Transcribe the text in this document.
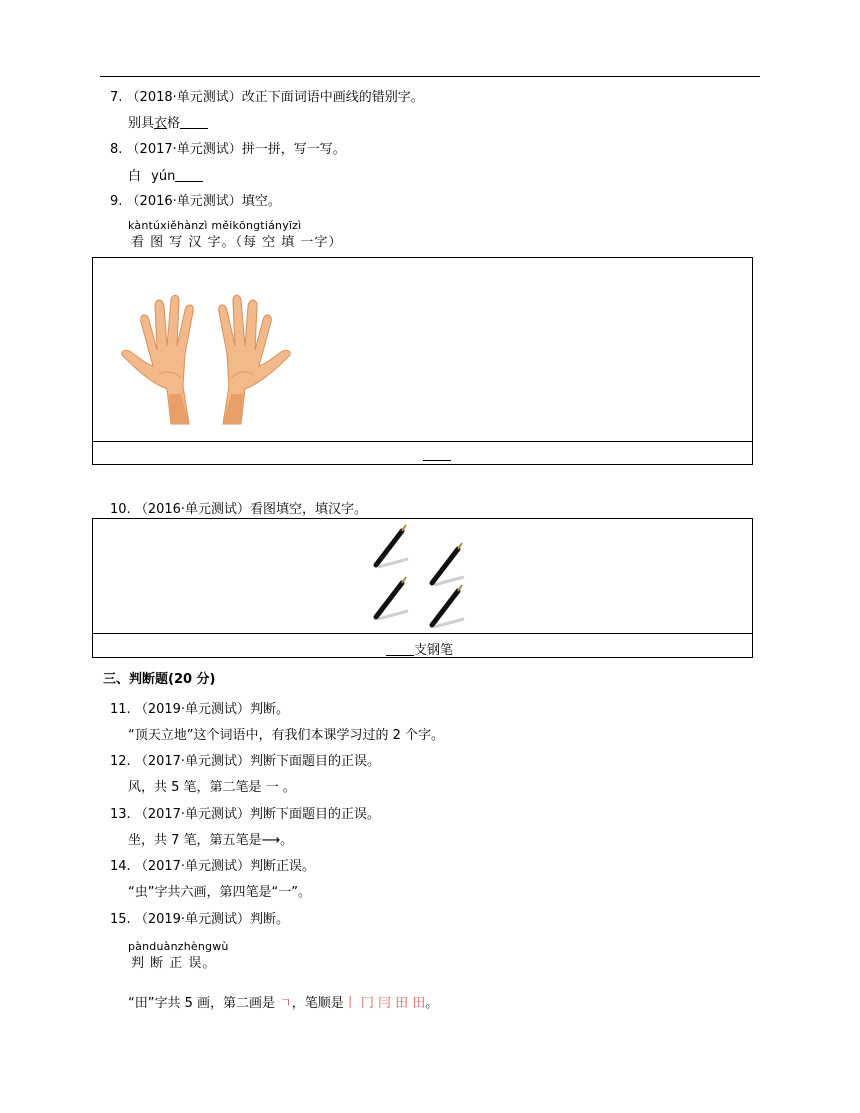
7. （2018·单元测试）改正下面词语中画线的错别字。
别具衣格
8. （2017·单元测试）拼一拼，写一写。
白 yún
9. （2016·单元测试）填空。
kàntúxiěhànzì měikōngtiányīzì
看 图 写 汉 字。（每 空 填 一字）
10. （2016·单元测试）看图填空，填汉字。
支钢笔
三、判断题(20 分)
11. （2019·单元测试）判断。
“顶天立地”这个词语中，有我们本课学习过的 2 个字。
12. （2017·单元测试）判断下面题目的正误。
风，共 5 笔，第二笔是 一 。
13. （2017·单元测试）判断下面题目的正误。
坐，共 7 笔，第五笔是⟶。
14. （2017·单元测试）判断正误。
“虫”字共六画，第四笔是“一”。
15. （2019·单元测试）判断。
pànduànzhèngwù
判 断 正 误。
“田”字共 5 画，第二画是 ㄱ，笔顺是丨 冂 冃 田 田。
